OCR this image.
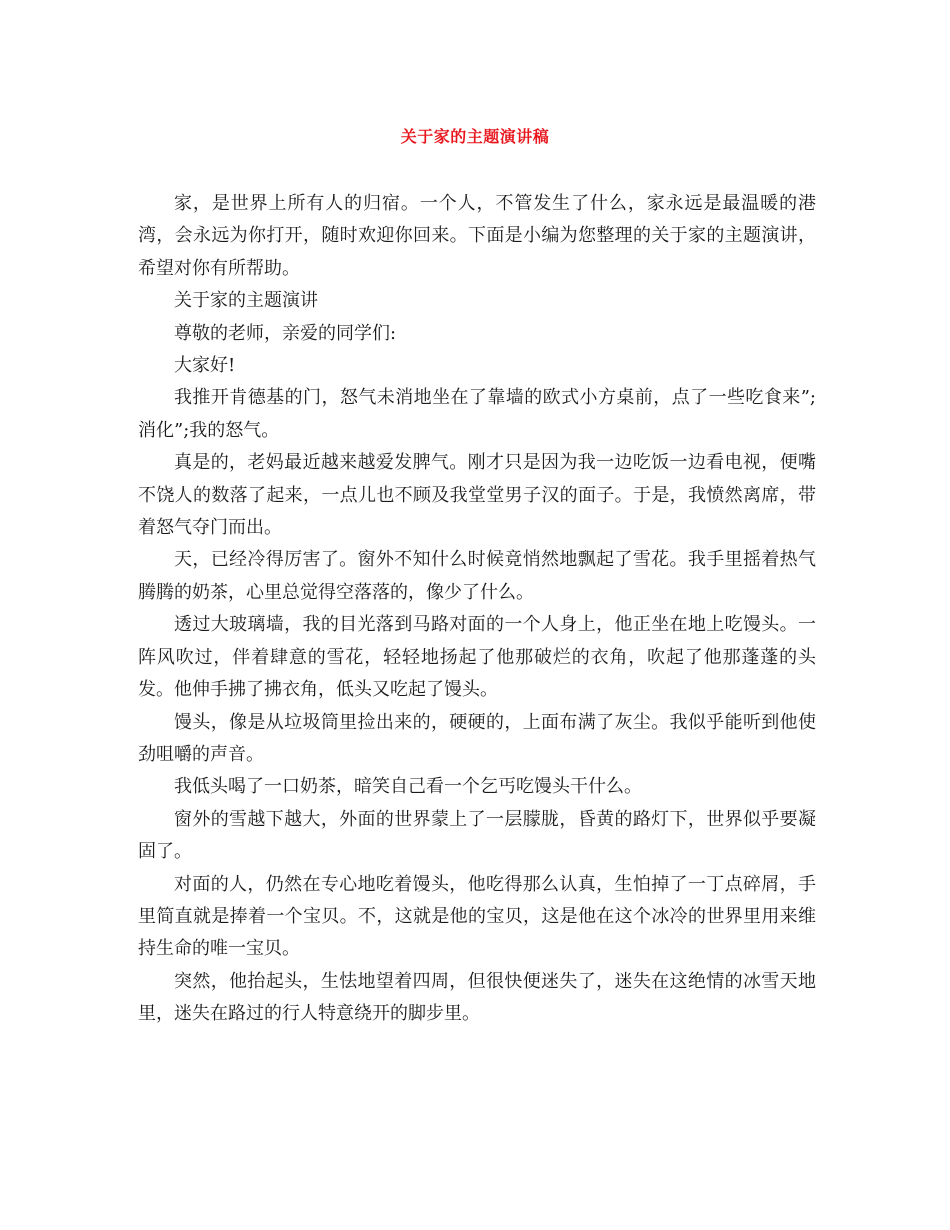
关于家的主题演讲稿

家，是世界上所有人的归宿。一个人，不管发生了什么，家永远是最温暖的港湾，会永远为你打开，随时欢迎你回来。下面是小编为您整理的关于家的主题演讲，希望对你有所帮助。

关于家的主题演讲

尊敬的老师，亲爱的同学们:

大家好!

我推开肯德基的门，怒气未消地坐在了靠墙的欧式小方桌前，点了一些吃食来”;消化”;我的怒气。

真是的，老妈最近越来越爱发脾气。刚才只是因为我一边吃饭一边看电视，便嘴不饶人的数落了起来，一点儿也不顾及我堂堂男子汉的面子。于是，我愤然离席，带着怒气夺门而出。

天，已经冷得厉害了。窗外不知什么时候竟悄然地飘起了雪花。我手里摇着热气腾腾的奶茶，心里总觉得空落落的，像少了什么。

透过大玻璃墙，我的目光落到马路对面的一个人身上，他正坐在地上吃馒头。一阵风吹过，伴着肆意的雪花，轻轻地扬起了他那破烂的衣角，吹起了他那蓬蓬的头发。他伸手拂了拂衣角，低头又吃起了馒头。

馒头，像是从垃圾筒里捡出来的，硬硬的，上面布满了灰尘。我似乎能听到他使劲咀嚼的声音。

我低头喝了一口奶茶，暗笑自己看一个乞丐吃馒头干什么。

窗外的雪越下越大，外面的世界蒙上了一层朦胧，昏黄的路灯下，世界似乎要凝固了。

对面的人，仍然在专心地吃着馒头，他吃得那么认真，生怕掉了一丁点碎屑，手里简直就是捧着一个宝贝。不，这就是他的宝贝，这是他在这个冰冷的世界里用来维持生命的唯一宝贝。

突然，他抬起头，生怯地望着四周，但很快便迷失了，迷失在这绝情的冰雪天地里，迷失在路过的行人特意绕开的脚步里。
